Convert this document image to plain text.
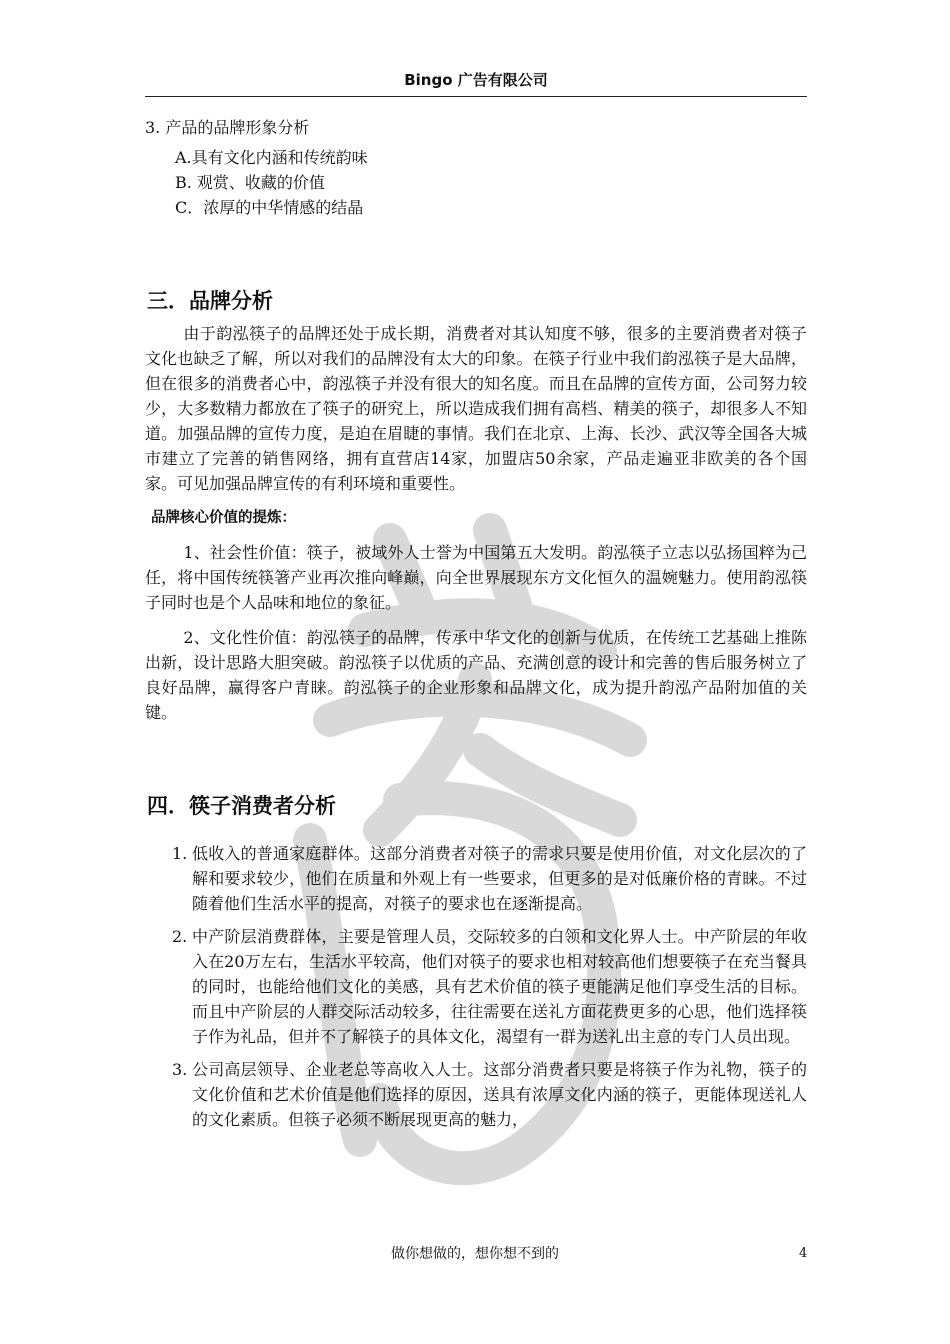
Bingo 广告有限公司

3. 产品的品牌形象分析

A.具有文化内涵和传统韵味

B. 观赏、收藏的价值

C．浓厚的中华情感的结晶

三．品牌分析

由于韵泓筷子的品牌还处于成长期，消费者对其认知度不够，很多的主要消费者对筷子文化也缺乏了解，所以对我们的品牌没有太大的印象。在筷子行业中我们韵泓筷子是大品牌，但在很多的消费者心中，韵泓筷子并没有很大的知名度。而且在品牌的宣传方面，公司努力较少，大多数精力都放在了筷子的研究上，所以造成我们拥有高档、精美的筷子，却很多人不知道。加强品牌的宣传力度，是迫在眉睫的事情。我们在北京、上海、长沙、武汉等全国各大城市建立了完善的销售网络，拥有直营店14家，加盟店50余家，产品走遍亚非欧美的各个国家。可见加强品牌宣传的有利环境和重要性。

品牌核心价值的提炼：

1、社会性价值：筷子，被域外人士誉为中国第五大发明。韵泓筷子立志以弘扬国粹为己任，将中国传统筷箸产业再次推向峰巅，向全世界展现东方文化恒久的温婉魅力。使用韵泓筷子同时也是个人品味和地位的象征。

2、文化性价值：韵泓筷子的品牌，传承中华文化的创新与优质，在传统工艺基础上推陈出新，设计思路大胆突破。韵泓筷子以优质的产品、充满创意的设计和完善的售后服务树立了良好品牌，赢得客户青睐。韵泓筷子的企业形象和品牌文化，成为提升韵泓产品附加值的关键。

四．筷子消费者分析
1. 低收入的普通家庭群体。这部分消费者对筷子的需求只要是使用价值，对文化层次的了解和要求较少，他们在质量和外观上有一些要求，但更多的是对低廉价格的青睐。不过随着他们生活水平的提高，对筷子的要求也在逐渐提高。
2. 中产阶层消费群体，主要是管理人员，交际较多的白领和文化界人士。中产阶层的年收入在20万左右，生活水平较高，他们对筷子的要求也相对较高他们想要筷子在充当餐具的同时，也能给他们文化的美感，具有艺术价值的筷子更能满足他们享受生活的目标。而且中产阶层的人群交际活动较多，往往需要在送礼方面花费更多的心思，他们选择筷子作为礼品，但并不了解筷子的具体文化，渴望有一群为送礼出主意的专门人员出现。
3. 公司高层领导、企业老总等高收入人士。这部分消费者只要是将筷子作为礼物，筷子的文化价值和艺术价值是他们选择的原因，送具有浓厚文化内涵的筷子，更能体现送礼人的文化素质。但筷子必须不断展现更高的魅力，
做你想做的，想你想不到的	4
